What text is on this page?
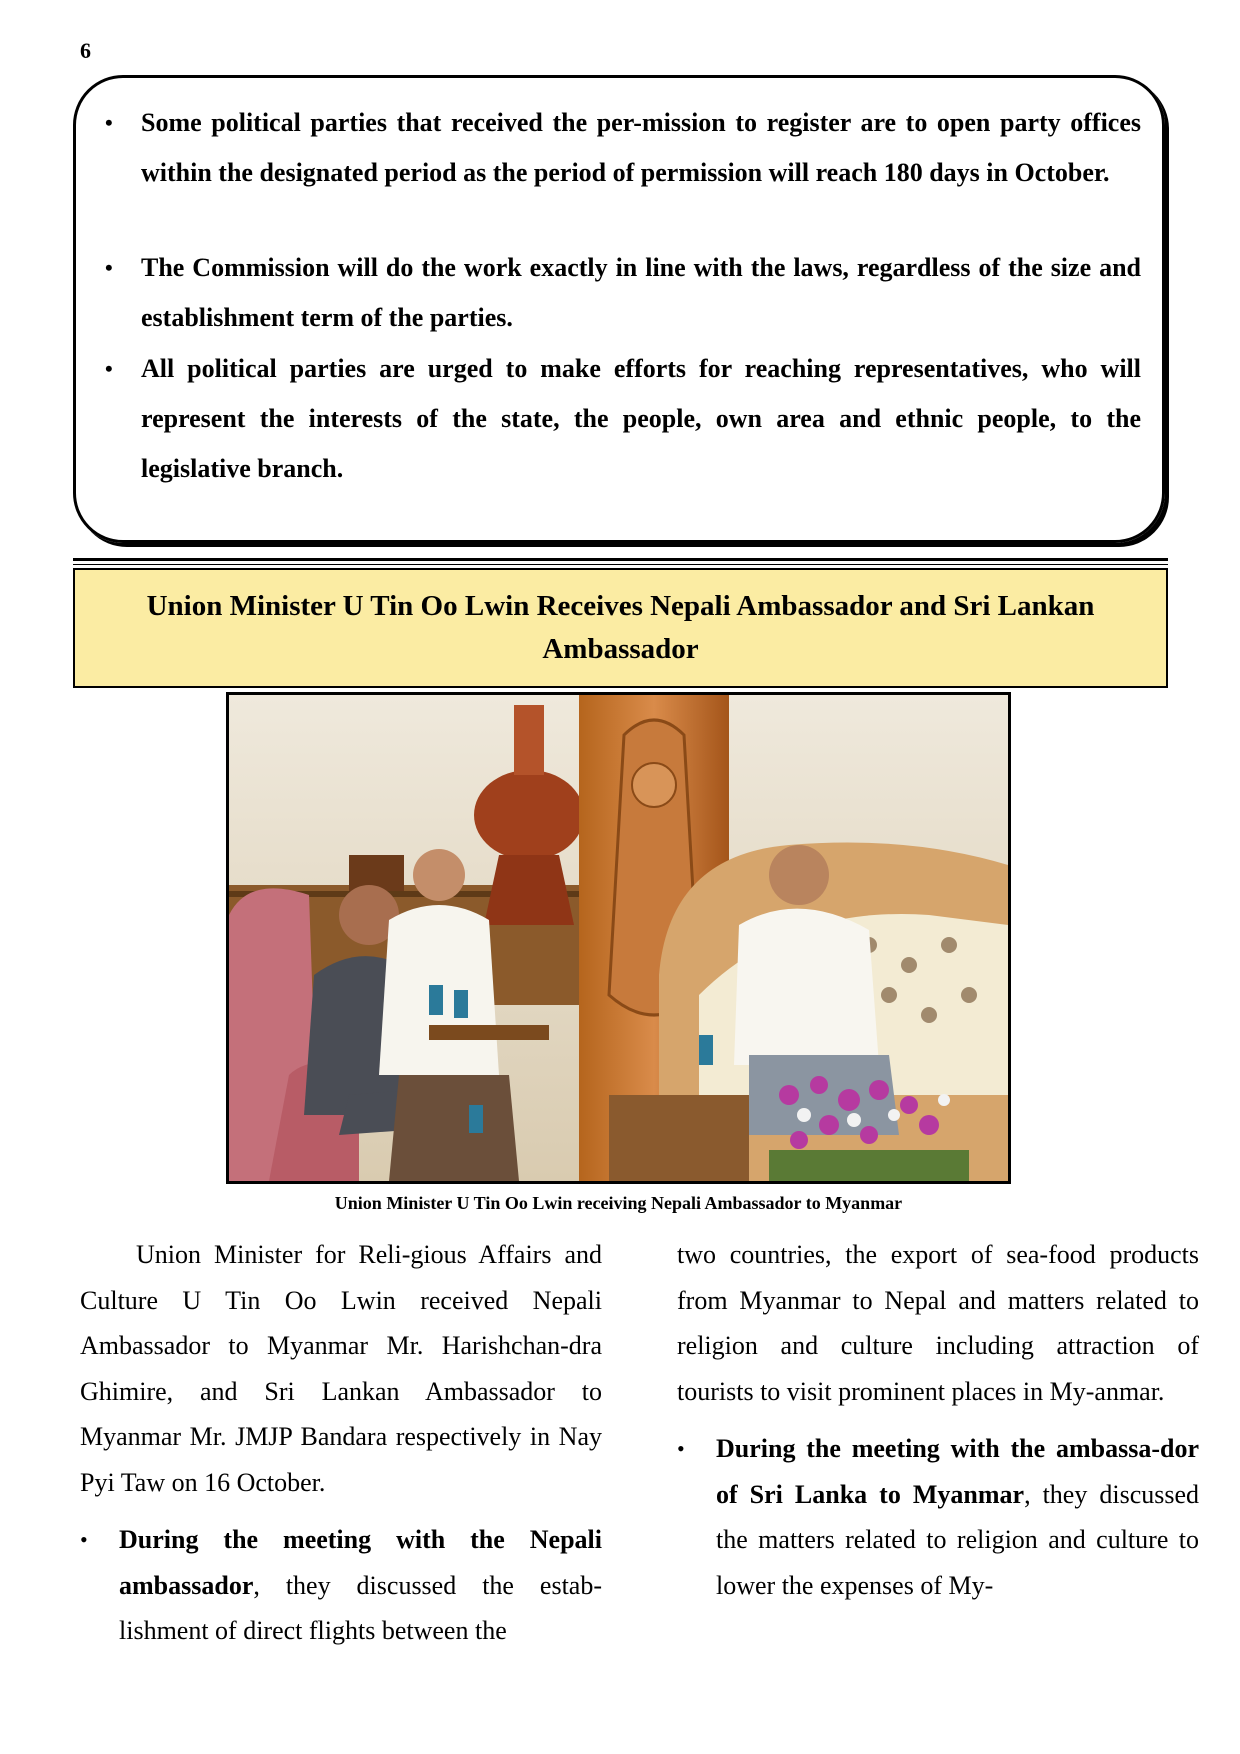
6
• Some political parties that received the per-mission to register are to open party offices within the designated period as the period of permission will reach 180 days in October.
• The Commission will do the work exactly in line with the laws, regardless of the size and establishment term of the parties.
• All political parties are urged to make efforts for reaching representatives, who will represent the interests of the state, the people, own area and ethnic people, to the legislative branch.
Union Minister U Tin Oo Lwin Receives Nepali Ambassador and Sri Lankan Ambassador
Union Minister U Tin Oo Lwin receiving Nepali Ambassador to Myanmar

Union Minister for Reli-gious Affairs and Culture U Tin Oo Lwin received Nepali Ambassador to Myanmar Mr. Harishchan-dra Ghimire, and Sri Lankan Ambassador to Myanmar Mr. JMJP Bandara respectively in Nay Pyi Taw on 16 October.

• During the meeting with the Nepali ambassador, they discussed the estab-lishment of direct flights between the

two countries, the export of sea-food products from Myanmar to Nepal and matters related to religion and culture including attraction of tourists to visit prominent places in My-anmar.

• During the meeting with the ambassa-dor of Sri Lanka to Myanmar, they discussed the matters related to religion and culture to lower the expenses of My-
